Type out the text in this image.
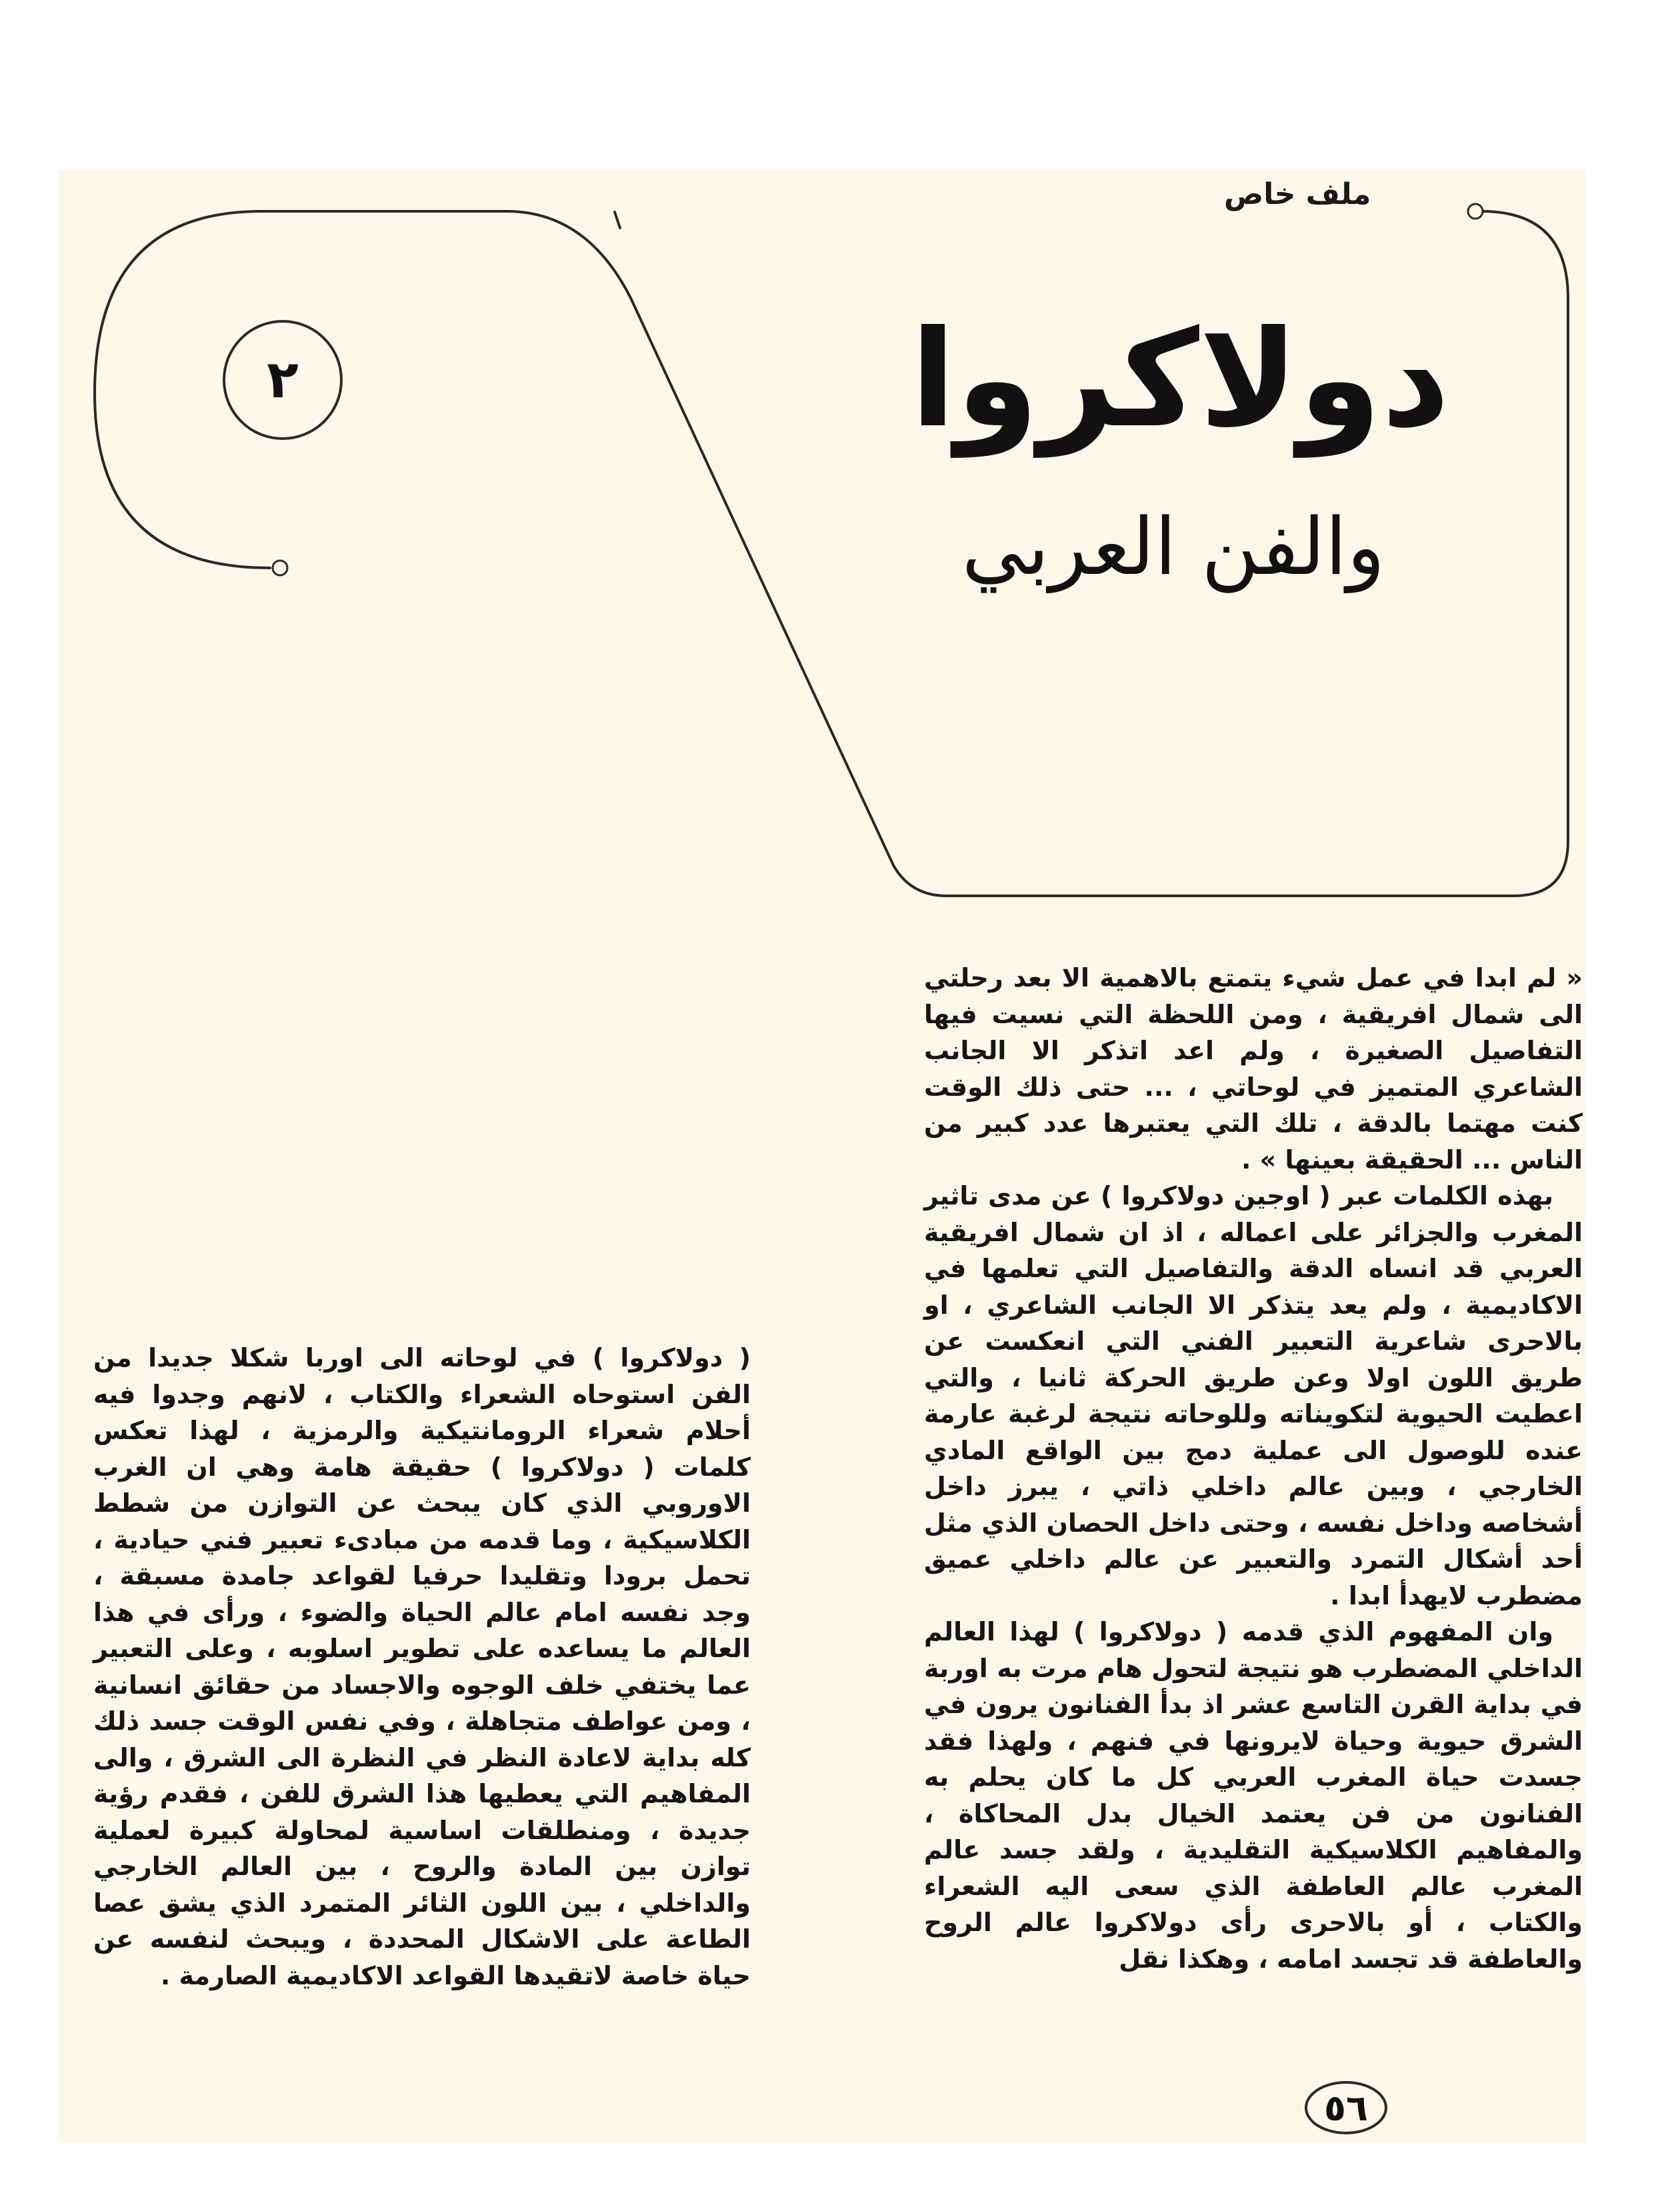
ملف خاص
دولاكروا
والفن العربي
٢

« لم ابدا في عمل شيء يتمتع بالاهمية الا بعد رحلتي الى شمال افريقية ، ومن اللحظة التي نسيت فيها التفاصيل الصغيرة ، ولم اعد اتذكر الا الجانب الشاعري المتميز في لوحاتي ، ... حتى ذلك الوقت كنت مهتما بالدقة ، تلك التي يعتبرها عدد كبير من الناس ... الحقيقة بعينها » .

بهذه الكلمات عبر ( اوجين دولاكروا ) عن مدى تاثير المغرب والجزائر على اعماله ، اذ ان شمال افريقية العربي قد انساه الدقة والتفاصيل التي تعلمها في الاكاديمية ، ولم يعد يتذكر الا الجانب الشاعري ، او بالاحرى شاعرية التعبير الفني التي انعكست عن طريق اللون اولا وعن طريق الحركة ثانيا ، والتي اعطيت الحيوية لتكويناته وللوحاته نتيجة لرغبة عارمة عنده للوصول الى عملية دمج بين الواقع المادي الخارجي ، وبين عالم داخلي ذاتي ، يبرز داخل أشخاصه وداخل نفسه ، وحتى داخل الحصان الذي مثل أحد أشكال التمرد والتعبير عن عالم داخلي عميق مضطرب لايهدأ ابدا .

وان المفهوم الذي قدمه ( دولاكروا ) لهذا العالم الداخلي المضطرب هو نتيجة لتحول هام مرت به اوربة في بداية القرن التاسع عشر اذ بدأ الفنانون يرون في الشرق حيوية وحياة لايرونها في فنهم ، ولهذا فقد جسدت حياة المغرب العربي كل ما كان يحلم به الفنانون من فن يعتمد الخيال بدل المحاكاة ، والمفاهيم الكلاسيكية التقليدية ، ولقد جسد عالم المغرب عالم العاطفة الذي سعى اليه الشعراء والكتاب ، أو بالاحرى رأى دولاكروا عالم الروح والعاطفة قد تجسد امامه ، وهكذا نقل

( دولاكروا ) في لوحاته الى اوربا شكلا جديدا من الفن استوحاه الشعراء والكتاب ، لانهم وجدوا فيه أحلام شعراء الرومانتيكية والرمزية ، لهذا تعكس كلمات ( دولاكروا ) حقيقة هامة وهي ان الغرب الاوروبي الذي كان يبحث عن التوازن من شطط الكلاسيكية ، وما قدمه من مبادىء تعبير فني حيادية ، تحمل برودا وتقليدا حرفيا لقواعد جامدة مسبقة ، وجد نفسه امام عالم الحياة والضوء ، ورأى في هذا العالم ما يساعده على تطوير اسلوبه ، وعلى التعبير عما يختفي خلف الوجوه والاجساد من حقائق انسانية ، ومن عواطف متجاهلة ، وفي نفس الوقت جسد ذلك كله بداية لاعادة النظر في النظرة الى الشرق ، والى المفاهيم التي يعطيها هذا الشرق للفن ، فقدم رؤية جديدة ، ومنطلقات اساسية لمحاولة كبيرة لعملية توازن بين المادة والروح ، بين العالم الخارجي والداخلي ، بين اللون الثائر المتمرد الذي يشق عصا الطاعة على الاشكال المحددة ، ويبحث لنفسه عن حياة خاصة لاتقيدها القواعد الاكاديمية الصارمة .

٥٦
